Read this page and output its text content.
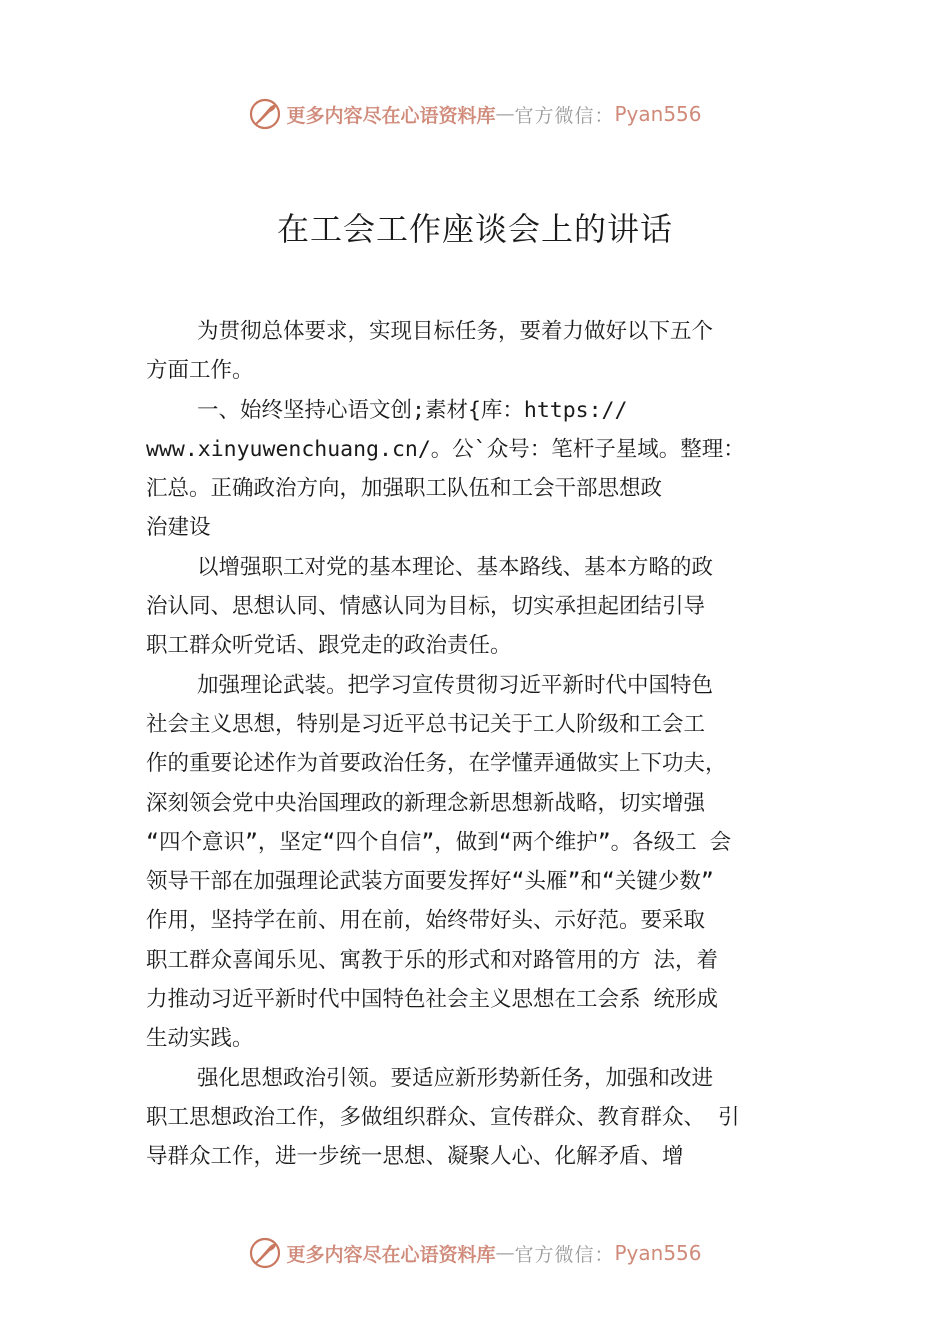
更多内容尽在心语资料库 — 官方微信： Pyan556
在工会工作座谈会上的讲话
为贯彻总体要求，实现目标任务，要着力做好以下五个
方面工作。
一、始终坚持心语文创;素材{库：https://
www.xinyuwenchuang.cn/。公`众号：笔杆子星域。整理：
汇总。正确政治方向，加强职工队伍和工会干部思想政
治建设
以增强职工对党的基本理论、基本路线、基本方略的政
治认同、思想认同、情感认同为目标，切实承担起团结引导
职工群众听党话、跟党走的政治责任。
加强理论武装。把学习宣传贯彻习近平新时代中国特色
社会主义思想，特别是习近平总书记关于工人阶级和工会工
作的重要论述作为首要政治任务，在学懂弄通做实上下功夫，
深刻领会党中央治国理政的新理念新思想新战略，切实增强
“四个意识”，坚定“四个自信”，做到“两个维护”。各级工 会
领导干部在加强理论武装方面要发挥好“头雁”和“关键少数”
作用，坚持学在前、用在前，始终带好头、示好范。要采取
职工群众喜闻乐见、寓教于乐的形式和对路管用的方 法，着
力推动习近平新时代中国特色社会主义思想在工会系 统形成
生动实践。
强化思想政治引领。要适应新形势新任务，加强和改进
职工思想政治工作，多做组织群众、宣传群众、教育群众、 引
导群众工作，进一步统一思想、凝聚人心、化解矛盾、增
更多内容尽在心语资料库 — 官方微信： Pyan556
